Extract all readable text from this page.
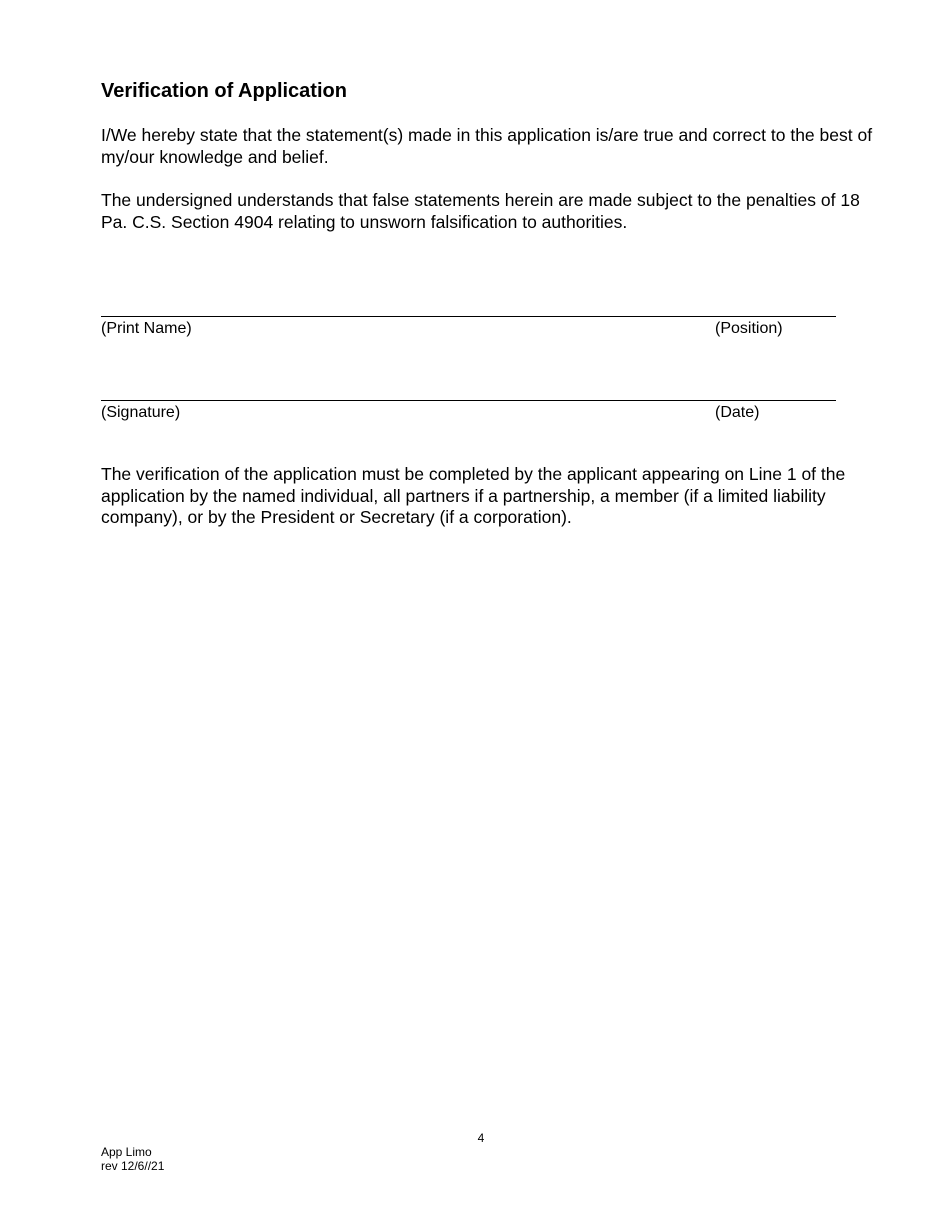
Verification of Application

I/We hereby state that the statement(s) made in this application is/are true and correct to the best of my/our knowledge and belief.

The undersigned understands that false statements herein are made subject to the penalties of 18 Pa. C.S. Section 4904 relating to unsworn falsification to authorities.

(Print Name)	(Position)
(Signature)	(Date)

The verification of the application must be completed by the applicant appearing on Line 1 of the application by the named individual, all partners if a partnership, a member (if a limited liability company), or by the President or Secretary (if a corporation).

4
App Limo
rev 12/6//21
